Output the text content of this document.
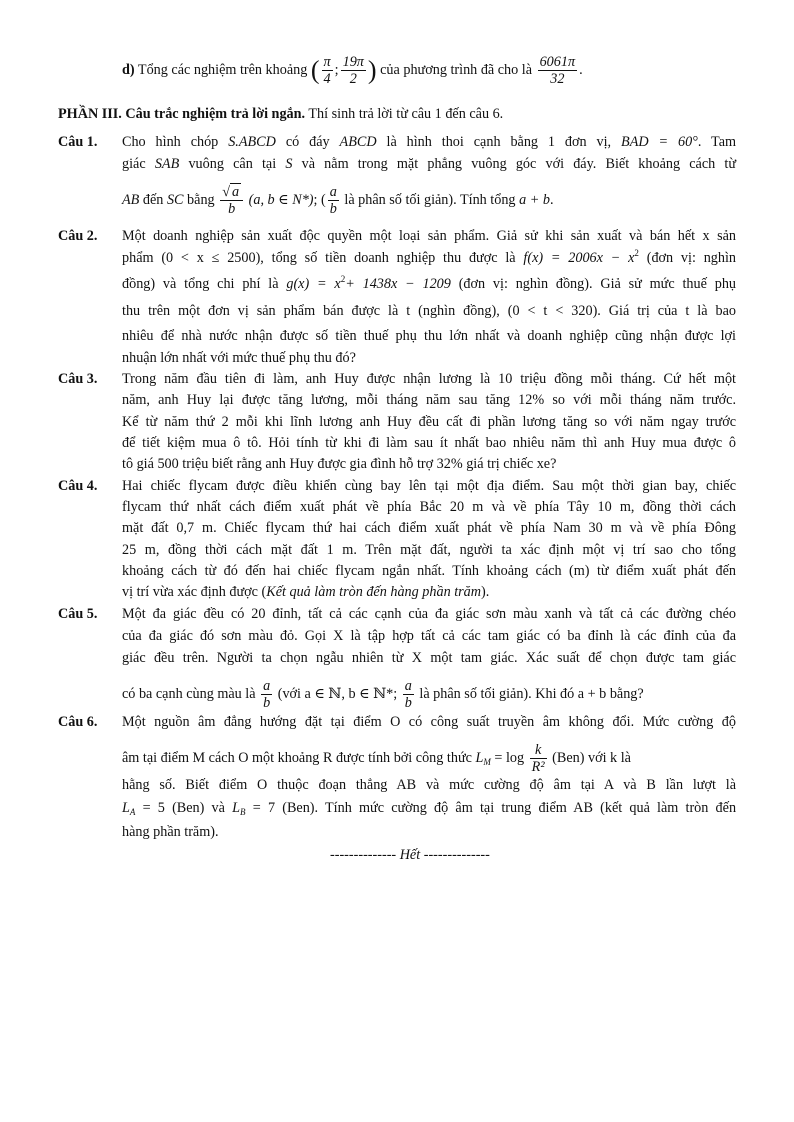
d) Tổng các nghiệm trên khoảng ( $\frac{\pi}{4}$ ; $\frac{19\pi}{2}$ ) của phương trình đã cho là $\frac{6061\pi}{32}$ .
PHẦN III. Câu trắc nghiệm trả lời ngắn. Thí sinh trả lời từ câu 1 đến câu 6.
Câu 1. Cho hình chóp S.ABCD có đáy ABCD là hình thoi cạnh bằng 1 đơn vị, BAD = 60°. Tam
giác SAB vuông cân tại S và nằm trong mặt phẳng vuông góc với đáy. Biết khoảng cách từ
AB đến SC bằng $\frac{√ a}{b} (a$, b ∈ N*); ( $\frac{a}{b}$ là phân số tối giản). Tính tổng a + b.
Câu 2. Một doanh nghiệp sản xuất độc quyền một loại sản phẩm. Giả sử khi sản xuất và bán hết x sản
phẩm (0 < x ≤ 2500), tổng số tiền doanh nghiệp thu được là $f(x) = 2006x - x^2$ (đơn vị: nghìn
đồng) và tổng chi phí là $g(x) = x^2+ 1438x - 1209$ (đơn vị: nghìn đồng). Giả sử mức thuế phụ
thu trên một đơn vị sản phẩm bán được là t (nghìn đồng), (0 < t < 320). Giá trị của t là bao
nhiêu để nhà nước nhận được số tiền thuế phụ thu lớn nhất và doanh nghiệp cũng nhận được lợi
nhuận lớn nhất với mức thuế phụ thu đó?
Câu 3. Trong năm đầu tiên đi làm, anh Huy được nhận lương là 10 triệu đồng mỗi tháng. Cứ hết một
năm, anh Huy lại được tăng lương, mỗi tháng năm sau tăng 12% so với mỗi tháng năm trước.
Kể từ năm thứ 2 mỗi khi lĩnh lương anh Huy đều cất đi phần lương tăng so với năm ngay trước
để tiết kiệm mua ô tô. Hỏi tính từ khi đi làm sau ít nhất bao nhiêu năm thì anh Huy mua được ô
tô giá 500 triệu biết rằng anh Huy được gia đình hỗ trợ 32% giá trị chiếc xe?
Câu 4. Hai chiếc flycam được điều khiển cùng bay lên tại một địa điểm. Sau một thời gian bay, chiếc
flycam thứ nhất cách điểm xuất phát về phía Bắc 20 m và về phía Tây 10 m, đồng thời cách
mặt đất 0,7 m. Chiếc flycam thứ hai cách điểm xuất phát về phía Nam 30 m và về phía Đông
25 m, đồng thời cách mặt đất 1 m. Trên mặt đất, người ta xác định một vị trí sao cho tổng
khoảng cách từ đó đến hai chiếc flycam ngắn nhất. Tính khoảng cách (m) từ điểm xuất phát đến
vị trí vừa xác định được (Kết quả làm tròn đến hàng phần trăm).
Câu 5. Một đa giác đều có 20 đỉnh, tất cả các cạnh của đa giác sơn màu xanh và tất cả các đường chéo
của đa giác đó sơn màu đỏ. Gọi X là tập hợp tất cả các tam giác có ba đỉnh là các đỉnh của đa
giác đều trên. Người ta chọn ngẫu nhiên từ X một tam giác. Xác suất để chọn được tam giác
có ba cạnh cùng màu là $\frac{a}{b}$ (với a ∈ ℕ, b ∈ ℕ*; $\frac{a}{b}$ là phân số tối giản). Khi đó a + b bằng?
Câu 6. Một nguồn âm đẳng hướng đặt tại điểm O có công suất truyền âm không đổi. Mức cường độ
âm tại điểm M cách O một khoảng R được tính bởi công thức $L_M = \log \frac{k}{\text{R²}} (Ben)$ với k là
hằng số. Biết điểm O thuộc đoạn thẳng AB và mức cường độ âm tại A và B lần lượt là
$L_A = 5$ (Ben) và $L_B = 7$ (Ben). Tính mức cường độ âm tại trung điểm AB (kết quả làm tròn đến
hàng phần trăm).
-------------- Hết --------------
